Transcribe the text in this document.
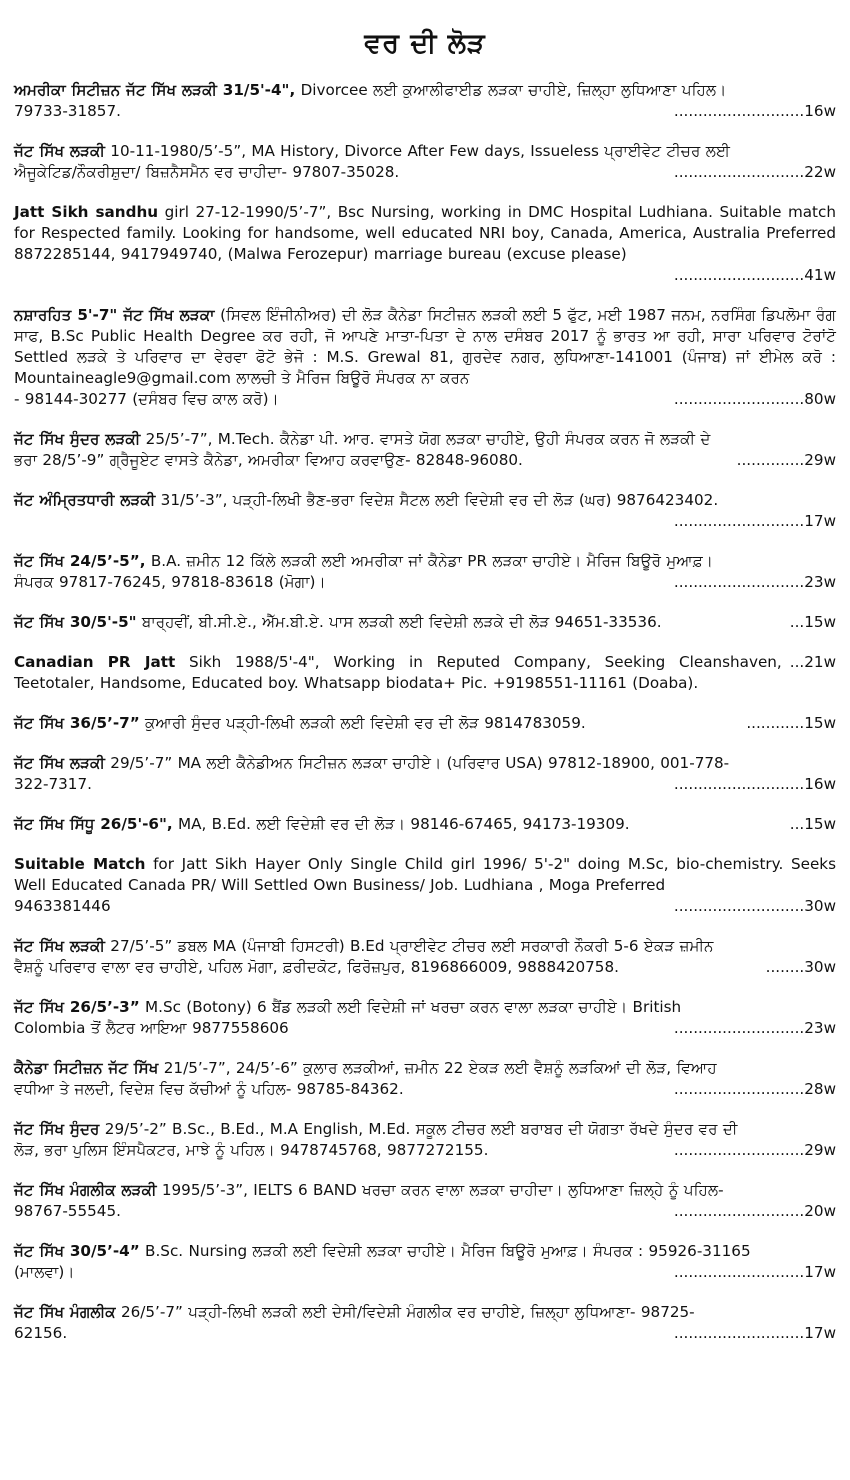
ਵਰ ਦੀ ਲੋੜ
ਅਮਰੀਕਾ ਸਿਟੀਜ਼ਨ ਜੱਟ ਸਿੱਖ ਲੜਕੀ 31/5'-4", Divorcee ਲਈ ਕੁਆਲੀਫਾਈਡ ਲੜਕਾ ਚਾਹੀਏ, ਜ਼ਿਲ੍ਹਾ ਲੁਧਿਆਣਾ ਪਹਿਲ।
79733-31857.	...........................16w
ਜੱਟ ਸਿੱਖ ਲੜਕੀ 10-11-1980/5’-5”, MA History, Divorce After Few days, Issueless ਪ੍ਰਾਈਵੇਟ ਟੀਚਰ ਲਈ
ਐਜੂਕੇਟਿਡ/ਨੌਕਰੀਸ਼ੁਦਾ/ ਬਿਜ਼ਨੈਸਮੈਨ ਵਰ ਚਾਹੀਦਾ- 97807-35028.	...........................22w
Jatt Sikh sandhu girl 27-12-1990/5’-7”, Bsc Nursing, working in DMC Hospital Ludhiana. Suitable match for Respected family. Looking for handsome, well educated NRI boy, Canada, America, Australia Preferred 8872285144, 9417949740, (Malwa Ferozepur) marriage bureau (excuse please)
...........................41w
ਨਸ਼ਾਰਹਿਤ 5'-7" ਜੱਟ ਸਿੱਖ ਲੜਕਾ (ਸਿਵਲ ਇੰਜੀਨੀਅਰ) ਦੀ ਲੋੜ ਕੈਨੇਡਾ ਸਿਟੀਜ਼ਨ ਲੜਕੀ ਲਈ 5 ਫੁੱਟ, ਮਈ 1987 ਜਨਮ, ਨਰਸਿੰਗ ਡਿਪਲੋਮਾ ਰੰਗ ਸਾਫ, B.Sc Public Health Degree ਕਰ ਰਹੀ, ਜੋ ਆਪਣੇ ਮਾਤਾ-ਪਿਤਾ ਦੇ ਨਾਲ ਦਸੰਬਰ 2017 ਨੂੰ ਭਾਰਤ ਆ ਰਹੀ, ਸਾਰਾ ਪਰਿਵਾਰ ਟੋਰਾਂਟੋ Settled ਲੜਕੇ ਤੇ ਪਰਿਵਾਰ ਦਾ ਵੇਰਵਾ ਫੋਟੋ ਭੇਜੋ : M.S. Grewal 81, ਗੁਰਦੇਵ ਨਗਰ, ਲੁਧਿਆਣਾ-141001 (ਪੰਜਾਬ) ਜਾਂ ਈਮੇਲ ਕਰੋ : Mountaineagle9@gmail.com ਲਾਲਚੀ ਤੇ ਮੈਰਿਜ ਬਿਊਰੋ ਸੰਪਰਕ ਨਾ ਕਰਨ
- 98144-30277 (ਦਸੰਬਰ ਵਿਚ ਕਾਲ ਕਰੋ)।	...........................80w
ਜੱਟ ਸਿੱਖ ਸੁੰਦਰ ਲੜਕੀ 25/5’-7”, M.Tech. ਕੈਨੇਡਾ ਪੀ. ਆਰ. ਵਾਸਤੇ ਯੋਗ ਲੜਕਾ ਚਾਹੀਏ, ਉਹੀ ਸੰਪਰਕ ਕਰਨ ਜੋ ਲੜਕੀ ਦੇ
ਭਰਾ 28/5’-9” ਗ੍ਰੈਜੂਏਟ ਵਾਸਤੇ ਕੈਨੇਡਾ, ਅਮਰੀਕਾ ਵਿਆਹ ਕਰਵਾਉਣ- 82848-96080.	..............29w
ਜੱਟ ਅੰਮ੍ਰਿਤਧਾਰੀ ਲੜਕੀ 31/5’-3”, ਪੜ੍ਹੀ-ਲਿਖੀ ਭੈਣ-ਭਰਾ ਵਿਦੇਸ਼ ਸੈਟਲ ਲਈ ਵਿਦੇਸ਼ੀ ਵਰ ਦੀ ਲੋੜ (ਘਰ) 9876423402.
...........................17w
ਜੱਟ ਸਿੱਖ 24/5’-5”, B.A. ਜ਼ਮੀਨ 12 ਕਿੱਲੇ ਲੜਕੀ ਲਈ ਅਮਰੀਕਾ ਜਾਂ ਕੈਨੇਡਾ PR ਲੜਕਾ ਚਾਹੀਏ। ਮੈਰਿਜ ਬਿਊਰੋ ਮੁਆਫ਼।
ਸੰਪਰਕ 97817-76245, 97818-83618 (ਮੋਗਾ)।	...........................23w
ਜੱਟ ਸਿੱਖ 30/5'-5" ਬਾਰ੍ਹਵੀਂ, ਬੀ.ਸੀ.ਏ., ਐੱਮ.ਬੀ.ਏ. ਪਾਸ ਲੜਕੀ ਲਈ ਵਿਦੇਸ਼ੀ ਲੜਕੇ ਦੀ ਲੋੜ 94651-33536.	...15w
Canadian PR Jatt Sikh 1988/5'-4", Working in Reputed Company, Seeking Cleanshaven, Teetotaler, Handsome, Educated boy. Whatsapp biodata+ Pic. +9198551-11161 (Doaba).
...21w
ਜੱਟ ਸਿੱਖ 36/5’-7” ਕੁਆਰੀ ਸੁੰਦਰ ਪੜ੍ਹੀ-ਲਿਖੀ ਲੜਕੀ ਲਈ ਵਿਦੇਸ਼ੀ ਵਰ ਦੀ ਲੋੜ 9814783059.	............15w
ਜੱਟ ਸਿੱਖ ਲੜਕੀ 29/5’-7” MA ਲਈ ਕੈਨੇਡੀਅਨ ਸਿਟੀਜ਼ਨ ਲੜਕਾ ਚਾਹੀਏ। (ਪਰਿਵਾਰ USA) 97812-18900, 001-778-
322-7317.	...........................16w
ਜੱਟ ਸਿੱਖ ਸਿੱਧੂ 26/5'-6", MA, B.Ed. ਲਈ ਵਿਦੇਸ਼ੀ ਵਰ ਦੀ ਲੋੜ। 98146-67465, 94173-19309.	...15w
Suitable Match for Jatt Sikh Hayer Only Single Child girl 1996/ 5'-2" doing M.Sc, bio-chemistry. Seeks Well Educated Canada PR/ Will Settled Own Business/ Job. Ludhiana , Moga Preferred
9463381446	...........................30w
ਜੱਟ ਸਿੱਖ ਲੜਕੀ 27/5’-5” ਡਬਲ MA (ਪੰਜਾਬੀ ਹਿਸਟਰੀ) B.Ed ਪ੍ਰਾਈਵੇਟ ਟੀਚਰ ਲਈ ਸਰਕਾਰੀ ਨੌਕਰੀ 5-6 ਏਕੜ ਜ਼ਮੀਨ
ਵੈਸ਼ਨੂੰ ਪਰਿਵਾਰ ਵਾਲਾ ਵਰ ਚਾਹੀਏ, ਪਹਿਲ ਮੋਗਾ, ਫ਼ਰੀਦਕੋਟ, ਫਿਰੋਜ਼ਪੁਰ, 8196866009, 9888420758.	........30w
ਜੱਟ ਸਿੱਖ 26/5’-3” M.Sc (Botony) 6 ਬੈਂਡ ਲੜਕੀ ਲਈ ਵਿਦੇਸ਼ੀ ਜਾਂ ਖਰਚਾ ਕਰਨ ਵਾਲਾ ਲੜਕਾ ਚਾਹੀਏ। British
Colombia ਤੋਂ ਲੈਟਰ ਆਇਆ 9877558606	...........................23w
ਕੈਨੇਡਾ ਸਿਟੀਜ਼ਨ ਜੱਟ ਸਿੱਖ 21/5’-7”, 24/5’-6” ਕੁਲਾਰ ਲੜਕੀਆਂ, ਜ਼ਮੀਨ 22 ਏਕੜ ਲਈ ਵੈਸ਼ਨੂੰ ਲੜਕਿਆਂ ਦੀ ਲੋੜ, ਵਿਆਹ
ਵਧੀਆ ਤੇ ਜਲਦੀ, ਵਿਦੇਸ਼ ਵਿਚ ਕੱਚੀਆਂ ਨੂੰ ਪਹਿਲ- 98785-84362.	...........................28w
ਜੱਟ ਸਿੱਖ ਸੁੰਦਰ 29/5’-2” B.Sc., B.Ed., M.A English, M.Ed. ਸਕੂਲ ਟੀਚਰ ਲਈ ਬਰਾਬਰ ਦੀ ਯੋਗਤਾ ਰੱਖਦੇ ਸੁੰਦਰ ਵਰ ਦੀ
ਲੋੜ, ਭਰਾ ਪੁਲਿਸ ਇੰਸਪੈਕਟਰ, ਮਾਝੇ ਨੂੰ ਪਹਿਲ। 9478745768, 9877272155.	...........................29w
ਜੱਟ ਸਿੱਖ ਮੰਗਲੀਕ ਲੜਕੀ 1995/5’-3”, IELTS 6 BAND ਖਰਚਾ ਕਰਨ ਵਾਲਾ ਲੜਕਾ ਚਾਹੀਦਾ। ਲੁਧਿਆਣਾ ਜ਼ਿਲ੍ਹੇ ਨੂੰ ਪਹਿਲ-
98767-55545.	...........................20w
ਜੱਟ ਸਿੱਖ 30/5’-4” B.Sc. Nursing ਲੜਕੀ ਲਈ ਵਿਦੇਸ਼ੀ ਲੜਕਾ ਚਾਹੀਏ। ਮੈਰਿਜ ਬਿਊਰੋ ਮੁਆਫ਼। ਸੰਪਰਕ : 95926-31165
(ਮਾਲਵਾ)।	...........................17w
ਜੱਟ ਸਿੱਖ ਮੰਗਲੀਕ 26/5’-7” ਪੜ੍ਹੀ-ਲਿਖੀ ਲੜਕੀ ਲਈ ਦੇਸੀ/ਵਿਦੇਸ਼ੀ ਮੰਗਲੀਕ ਵਰ ਚਾਹੀਏ, ਜ਼ਿਲ੍ਹਾ ਲੁਧਿਆਣਾ- 98725-
62156.	...........................17w
